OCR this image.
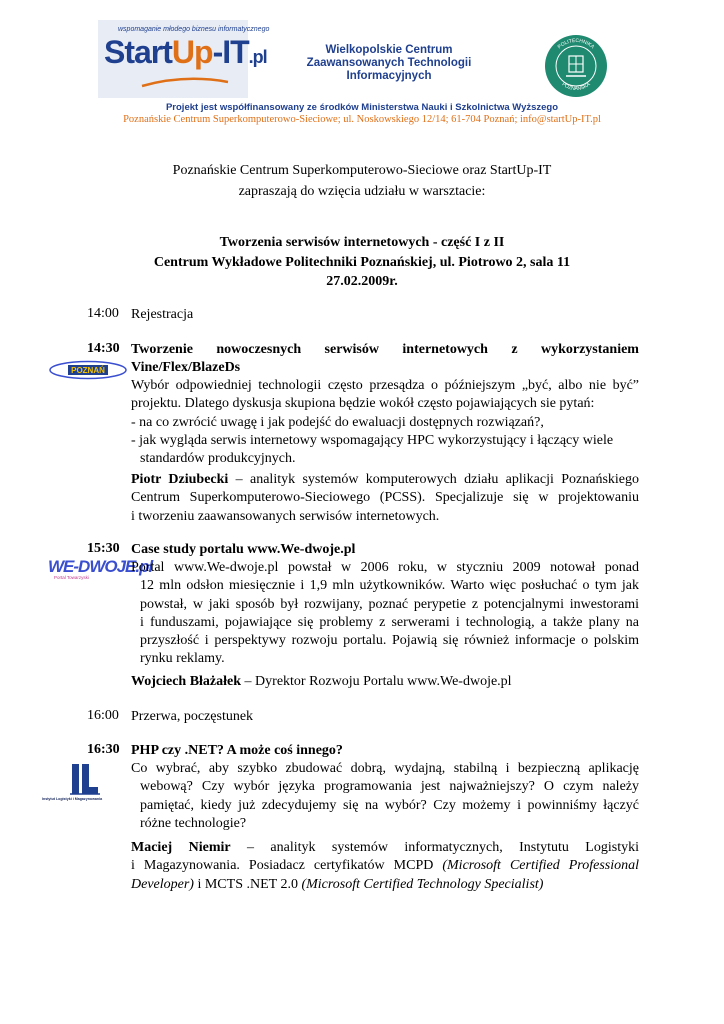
wspomaganie młodego biznesu informatycznego
StartUp-IT.pl	Wielkopolskie Centrum
Zaawansowanych Technologii
Informacyjnych
POLITECHNIKA
POZNAŃSKA
Projekt jest współfinansowany ze środków Ministerstwa Nauki i Szkolnictwa Wyższego
Poznańskie Centrum Superkomputerowo-Sieciowe; ul. Noskowskiego 12/14; 61-704 Poznań; info@startUp-IT.pl
Poznańskie Centrum Superkomputerowo-Sieciowe oraz StartUp-IT
zapraszają do wzięcia udziału w warsztacie:
Tworzenia serwisów internetowych - część I z II
Centrum Wykładowe Politechniki Poznańskiej, ul. Piotrowo 2, sala 11
27.02.2009r.
14:00 Rejestracja
14:30 Tworzenie nowoczesnych serwisów internetowych z wykorzystaniem
Vine/Flex/BlazeDs
POZNAŃ
Wybór odpowiedniej technologii często przesądza o późniejszym „być, albo nie być”
projektu. Dlatego dyskusja skupiona będzie wokół często pojawiających sie pytań:
- na co zwrócić uwagę i jak podejść do ewaluacji dostępnych rozwiązań?,
- jak wygląda serwis internetowy wspomagający HPC wykorzystujący i łączący wiele
standardów produkcyjnych.
Piotr Dziubecki – analityk systemów komputerowych działu aplikacji Poznańskiego
Centrum Superkomputerowo-Sieciowego (PCSS). Specjalizuje się w projektowaniu
i tworzeniu zaawansowanych serwisów internetowych.
15:30 Case study portalu www.We-dwoje.pl
WE-DWOJE.pl
Portal Towarzyski
Portal www.We-dwoje.pl powstał w 2006 roku, w styczniu 2009 notował ponad
12 mln odsłon miesięcznie i 1,9 mln użytkowników. Warto więc posłuchać o tym jak
powstał, w jaki sposób był rozwijany, poznać perypetie z potencjalnymi inwestorami
i funduszami, pojawiające się problemy z serwerami i technologią, a także plany na
przyszłość i perspektywy rozwoju portalu. Pojawią się również informacje o polskim
rynku reklamy.
Wojciech Błażałek – Dyrektor Rozwoju Portalu www.We-dwoje.pl
16:00 Przerwa, poczęstunek
16:30 PHP czy .NET? A może coś innego?
Instytut Logistyki i Magazynowania
Co wybrać, aby szybko zbudować dobrą, wydajną, stabilną i bezpieczną aplikację
webową? Czy wybór języka programowania jest najważniejszy? O czym należy
pamiętać, kiedy już zdecydujemy się na wybór? Czy możemy i powinniśmy łączyć
różne technologie?
Maciej Niemir – analityk systemów informatycznych, Instytutu Logistyki
i Magazynowania. Posiadacz certyfikatów MCPD (Microsoft Certified Professional
Developer) i MCTS .NET 2.0 (Microsoft Certified Technology Specialist)
